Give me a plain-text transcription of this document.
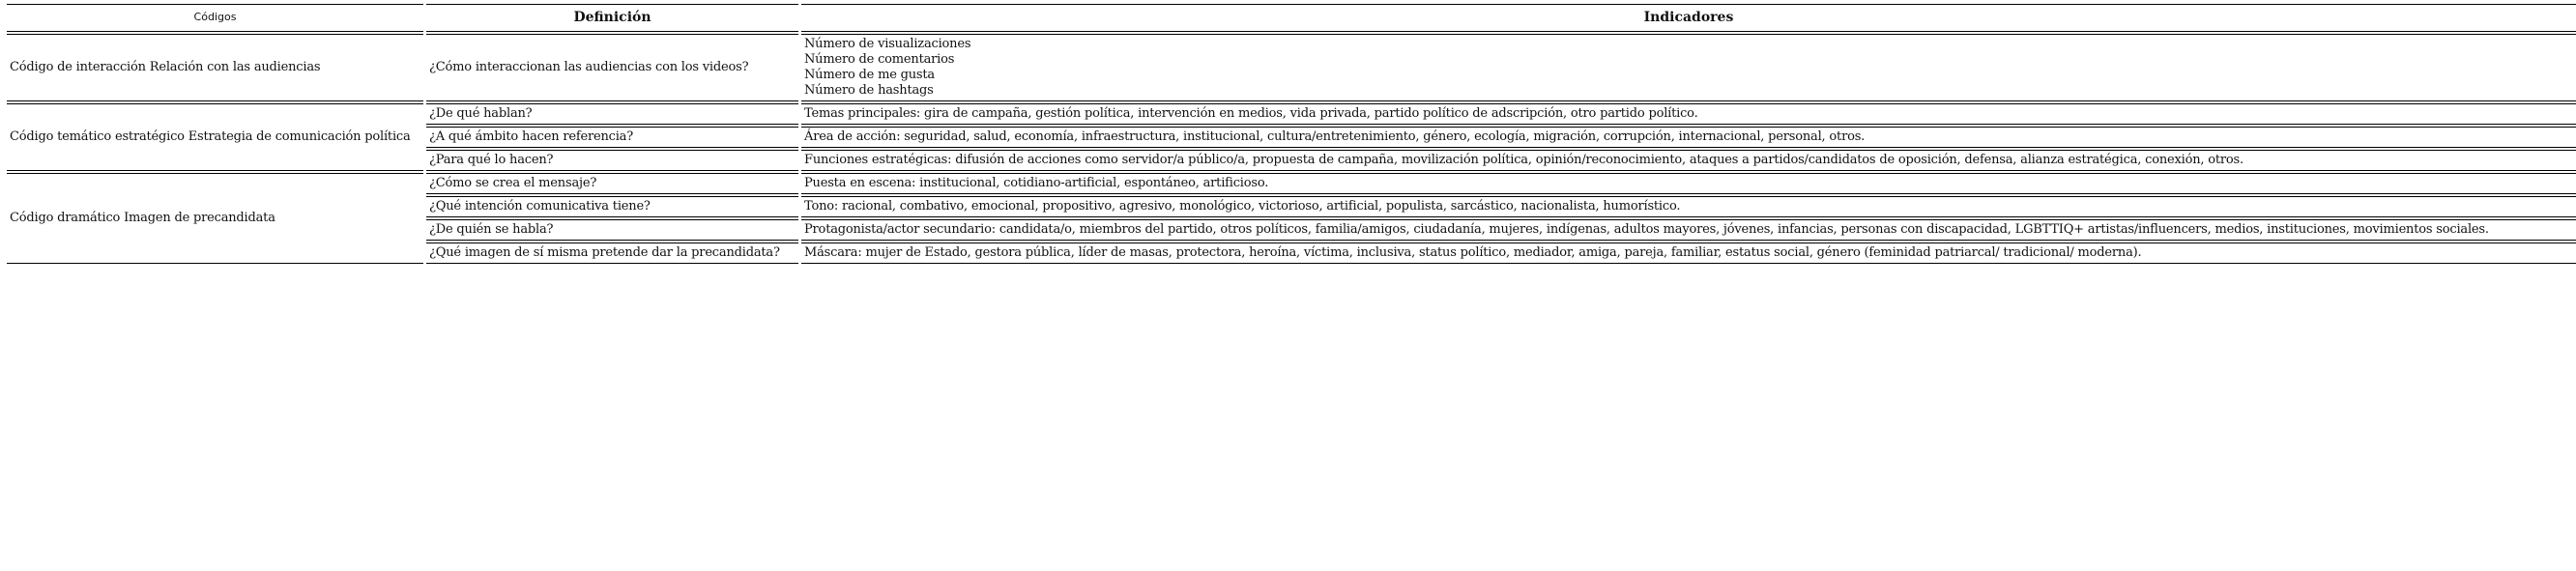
Códigos	Definición	Indicadores
Código de interacción Relación con las audiencias	¿Cómo interaccionan las audiencias con los videos?	Número de visualizaciones
Número de comentarios
Número de me gusta
Número de hashtags

Código temático estratégico Estrategia de comunicación política	¿De qué hablan?	Temas principales: gira de campaña, gestión política, intervención en medios, vida privada, partido político de adscripción, otro partido político.
	¿A qué ámbito hacen referencia?	Área de acción: seguridad, salud, economía, infraestructura, institucional, cultura/entretenimiento, género, ecología, migración, corrupción, internacional, personal, otros.
	¿Para qué lo hacen?	Funciones estratégicas: difusión de acciones como servidor/a público/a, propuesta de campaña, movilización política, opinión/reconocimiento, ataques a partidos/candidatos de oposición, defensa, alianza estratégica, conexión, otros.
Código dramático Imagen de precandidata	¿Cómo se crea el mensaje?	Puesta en escena: institucional, cotidiano-artificial, espontáneo, artificioso.
	¿Qué intención comunicativa tiene?	Tono: racional, combativo, emocional, propositivo, agresivo, monológico, victorioso, artificial, populista, sarcástico, nacionalista, humorístico.
	¿De quién se habla?	Protagonista/actor secundario: candidata/o, miembros del partido, otros políticos, familia/amigos, ciudadanía, mujeres, indígenas, adultos mayores, jóvenes, infancias, personas con discapacidad, LGBTTIQ+ artistas/influencers, medios, instituciones, movimientos sociales.
	¿Qué imagen de sí misma pretende dar la precandidata?	Máscara: mujer de Estado, gestora pública, líder de masas, protectora, heroína, víctima, inclusiva, status político, mediador, amiga, pareja, familiar, estatus social, género (feminidad patriarcal/ tradicional/ moderna).
